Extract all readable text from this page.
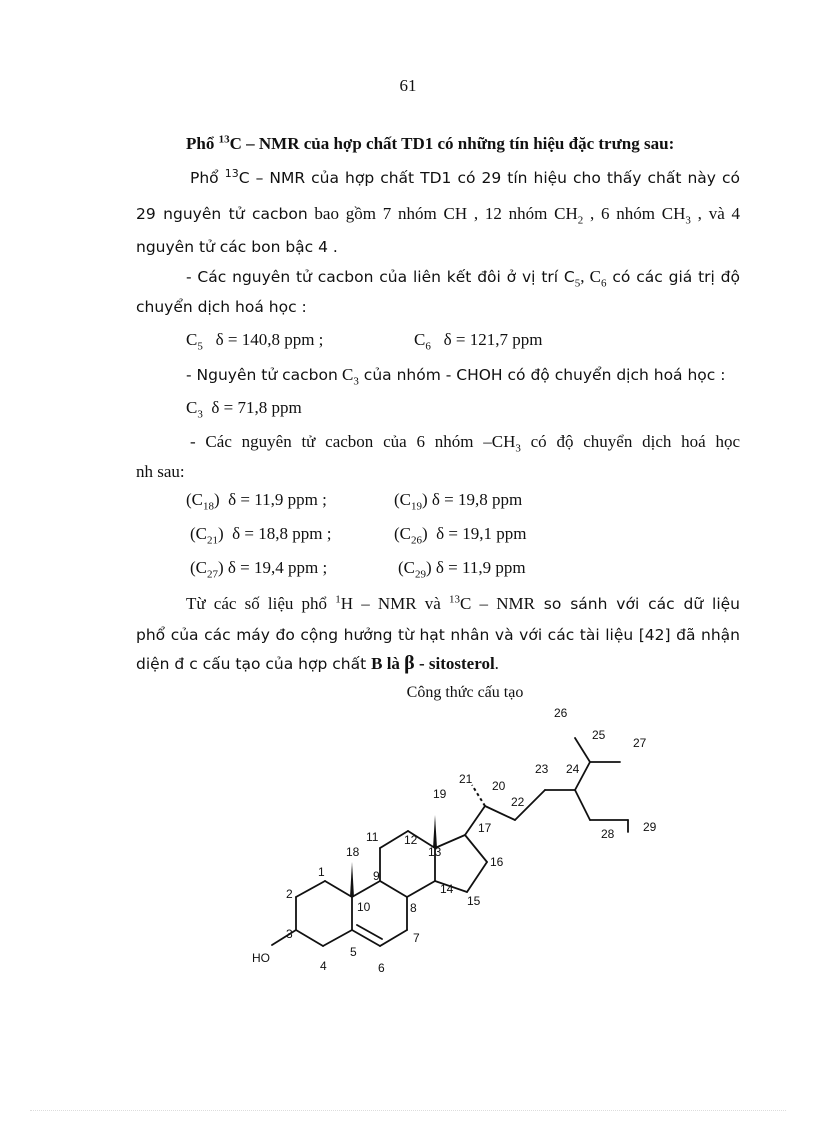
61
Phổ $^{13}$C – NMR của hợp chất TD1 có những tín hiệu đặc trưng sau:
Phổ $^{13}$C – NMR của hợp chất TD1 có 29 tín hiệu cho thấy chất này có
29 nguyên tử cacbon bao gồm 7 nhóm CH , 12 nhóm $CH_2$ , 6 nhóm $CH_3$ , và 4
nguyên tử các bon bậc 4 .
- Các nguyên tử cacbon của liên kết đôi ở vị trí $C_5$, $C_6$ có các giá trị độ
chuyển dịch hoá học :
$C_5$ δ = 140,8 ppm ;	$C_6$ δ = 121,7 ppm
- Nguyên tử cacbon $C_3$ của nhóm - CHOH có độ chuyển dịch hoá học :
$C_3$ δ = 71,8 ppm
- Các nguyên tử cacbon của 6 nhóm $-CH_3$ có độ chuyển dịch hoá học
nh sau:
$(C_{18}) \delta = 11,9$ ppm ;	$(C_{19}) \delta = 19,8$ ppm
$(C_{21}) \delta = 18,8$ ppm ;	$(C_{26}) \delta = 19,1$ ppm
$(C_{27}) \delta = 19,4$ ppm ;	$(C_{29}) \delta = 11,9$ ppm
Từ các số liệu phổ $^1$H – NMR và $^{13}$C – NMR so sánh với các dữ liệu
phổ của các máy đo cộng hưởng từ hạt nhân và với các tài liệu [42] đã nhận
diện đ c cấu tạo của hợp chất B là β - sitosterol.
Công thức cấu tạo
HO
1
2
3
4
5
6
7
8
9
10
11 12
13
14
15
16
17
18
19
20
21
22
23 24
25
26
27
28 29
